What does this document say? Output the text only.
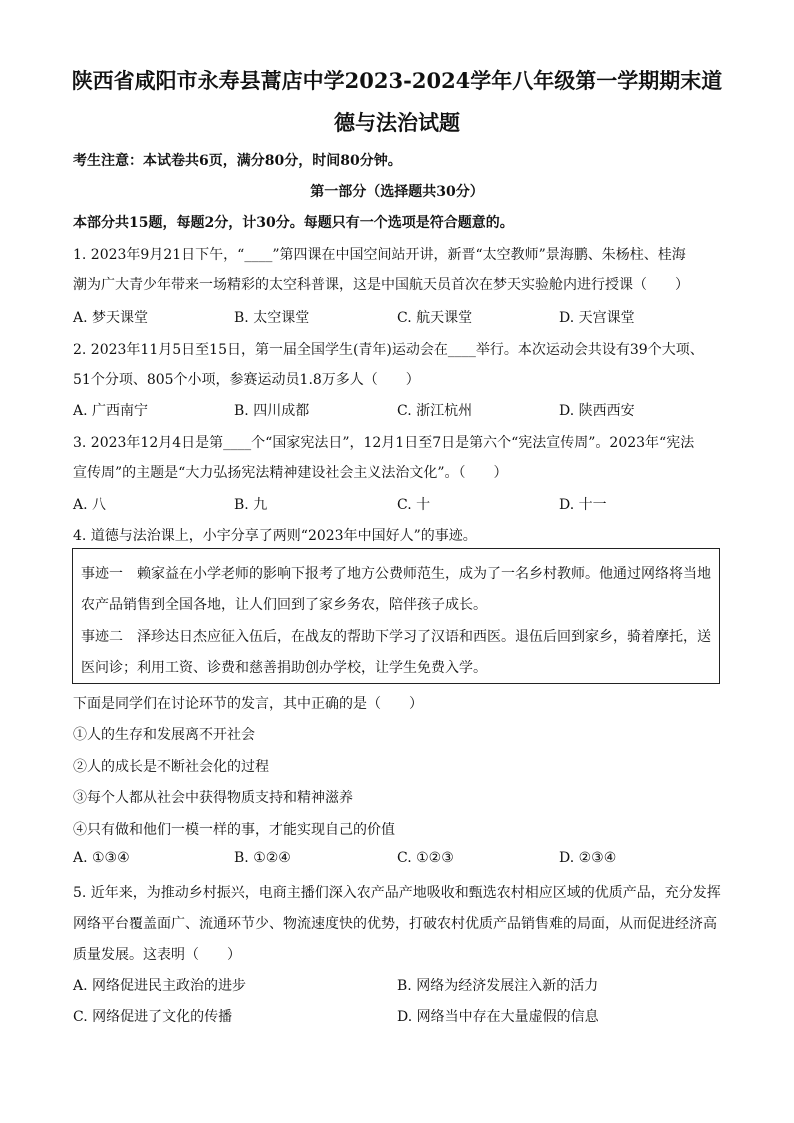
陕西省咸阳市永寿县蒿店中学2023-2024学年八年级第一学期期末道
德与法治试题
考生注意：本试卷共6页，满分80分，时间80分钟。
第一部分（选择题共30分）
本部分共15题，每题2分，计30分。每题只有一个选项是符合题意的。
1. 2023年9月21日下午，“____”第四课在中国空间站开讲，新晋“太空教师”景海鹏、朱杨柱、桂海
潮为广大青少年带来一场精彩的太空科普课，这是中国航天员首次在梦天实验舱内进行授课（　　）
A. 梦天课堂	B. 太空课堂	C. 航天课堂	D. 天宫课堂
2. 2023年11月5日至15日，第一届全国学生(青年)运动会在____举行。本次运动会共设有39个大项、
51个分项、805个小项，参赛运动员1.8万多人（　　）
A. 广西南宁	B. 四川成都	C. 浙江杭州	D. 陕西西安
3. 2023年12月4日是第____个“国家宪法日”，12月1日至7日是第六个“宪法宣传周”。2023年“宪法
宣传周”的主题是“大力弘扬宪法精神建设社会主义法治文化”。（　　）
A. 八	B. 九	C. 十	D. 十一
4. 道德与法治课上，小宇分享了两则“2023年中国好人”的事迹。
事迹一　赖家益在小学老师的影响下报考了地方公费师范生，成为了一名乡村教师。他通过网络将当地
农产品销售到全国各地，让人们回到了家乡务农，陪伴孩子成长。
事迹二　泽珍达日杰应征入伍后，在战友的帮助下学习了汉语和西医。退伍后回到家乡，骑着摩托，送
医问诊；利用工资、诊费和慈善捐助创办学校，让学生免费入学。
下面是同学们在讨论环节的发言，其中正确的是（　　）
①人的生存和发展离不开社会
②人的成长是不断社会化的过程
③每个人都从社会中获得物质支持和精神滋养
④只有做和他们一模一样的事，才能实现自己的价值
A. ①③④	B. ①②④	C. ①②③	D. ②③④
5. 近年来，为推动乡村振兴，电商主播们深入农产品产地吸收和甄选农村相应区域的优质产品，充分发挥
网络平台覆盖面广、流通环节少、物流速度快的优势，打破农村优质产品销售难的局面，从而促进经济高
质量发展。这表明（　　）
A. 网络促进民主政治的进步	B. 网络为经济发展注入新的活力
C. 网络促进了文化的传播	D. 网络当中存在大量虚假的信息
